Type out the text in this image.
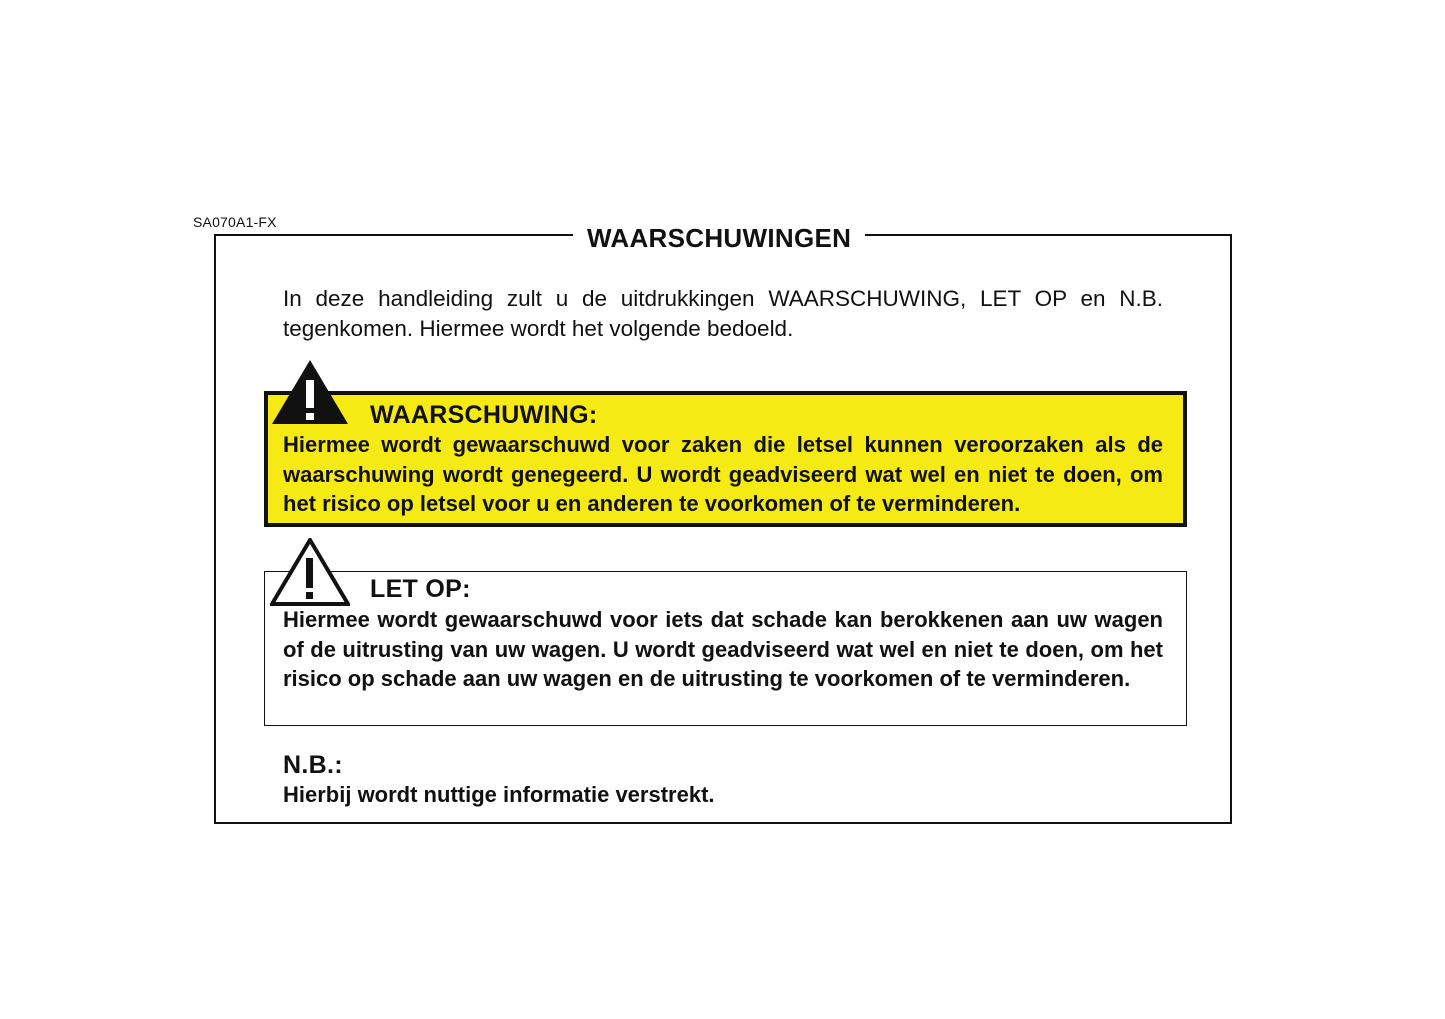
SA070A1-FX
WAARSCHUWINGEN
In deze handleiding zult u de uitdrukkingen WAARSCHUWING, LET OP en N.B. tegenkomen. Hiermee wordt het volgende bedoeld.
WAARSCHUWING:
Hiermee wordt gewaarschuwd voor zaken die letsel kunnen veroorzaken als de waarschuwing wordt genegeerd. U wordt geadviseerd wat wel en niet te doen, om het risico op letsel voor u en anderen te voorkomen of te verminderen.
LET OP:
Hiermee wordt gewaarschuwd voor iets dat schade kan berokkenen aan uw wagen of de uitrusting van uw wagen. U wordt geadviseerd wat wel en niet te doen, om het risico op schade aan uw wagen en de uitrusting te voorkomen of te verminderen.
N.B.:
Hierbij wordt nuttige informatie verstrekt.
